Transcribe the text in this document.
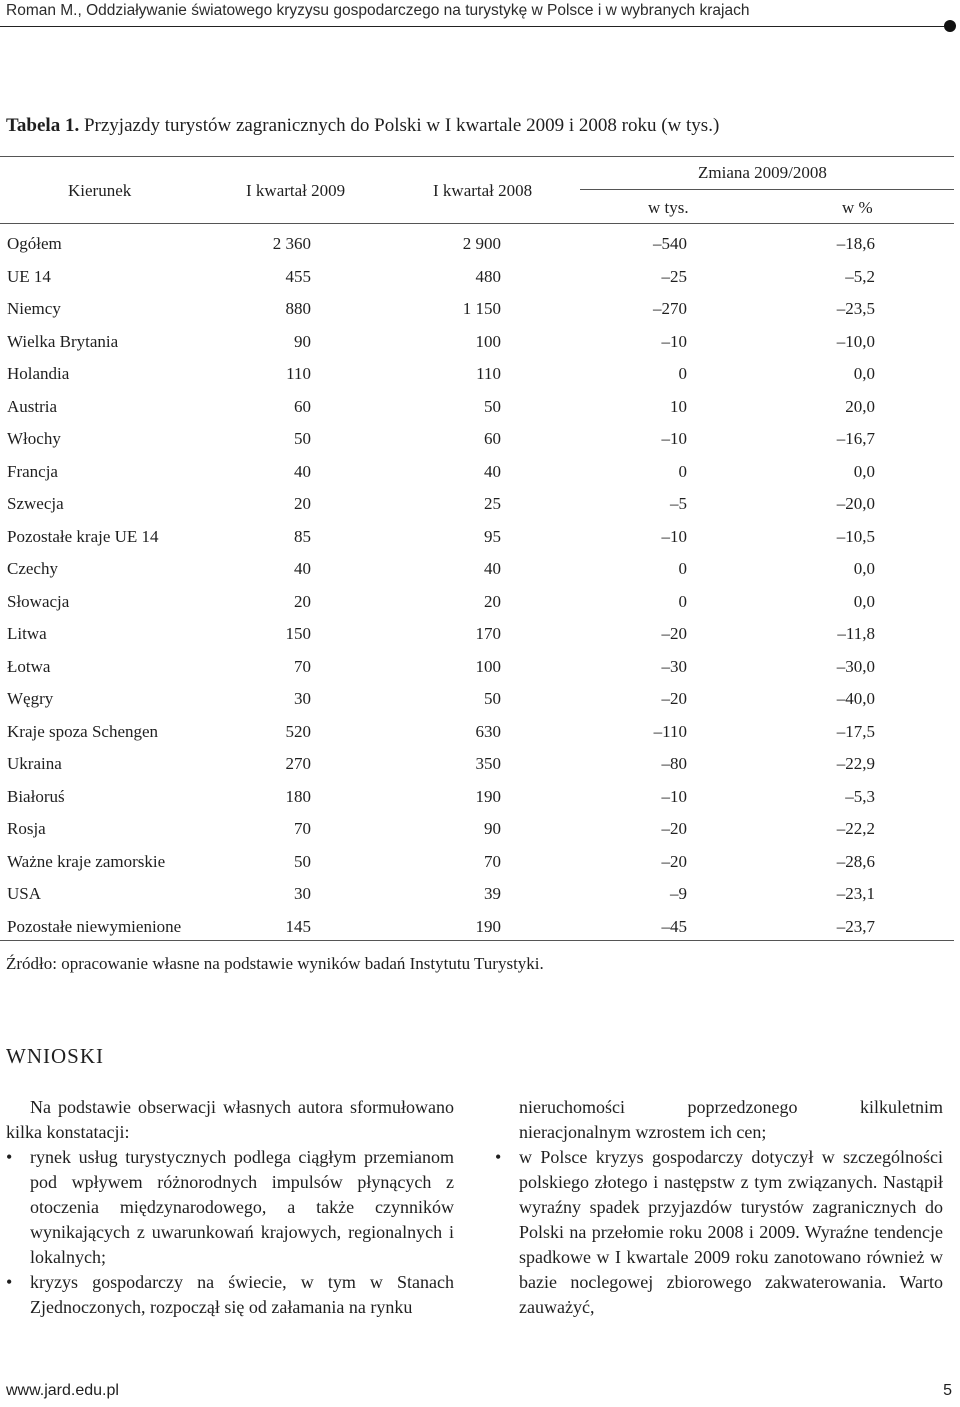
Roman M., Oddziaływanie światowego kryzysu gospodarczego na turystykę w Polsce i w wybranych krajach
Tabela 1. Przyjazdy turystów zagranicznych do Polski w I kwartale 2009 i 2008 roku (w tys.)
Kierunek	I kwartał 2009	I kwartał 2008
Zmiana 2009/2008
w tys.	w %
Ogółem	2 360	2 900	–540	–18,6
UE 14	455	480	–25	–5,2
Niemcy	880	1 150	–270	–23,5
Wielka Brytania	90	100	–10	–10,0
Holandia	110	110	0	0,0
Austria	60	50	10	20,0
Włochy	50	60	–10	–16,7
Francja	40	40	0	0,0
Szwecja	20	25	–5	–20,0
Pozostałe kraje UE 14	85	95	–10	–10,5
Czechy	40	40	0	0,0
Słowacja	20	20	0	0,0
Litwa	150	170	–20	–11,8
Łotwa	70	100	–30	–30,0
Węgry	30	50	–20	–40,0
Kraje spoza Schengen	520	630	–110	–17,5
Ukraina	270	350	–80	–22,9
Białoruś	180	190	–10	–5,3
Rosja	70	90	–20	–22,2
Ważne kraje zamorskie	50	70	–20	–28,6
USA	30	39	–9	–23,1
Pozostałe niewymienione	145	190	–45	–23,7
Źródło: opracowanie własne na podstawie wyników badań Instytutu Turystyki.
WNIOSKI

Na podstawie obserwacji własnych autora sformułowano kilka konstatacji:

• rynek usług turystycznych podlega ciągłym przemianom pod wpływem różnorodnych impulsów płynących z otoczenia międzynarodowego, a także czynników wynikających z uwarunkowań krajowych, regionalnych i lokalnych;
• kryzys gospodarczy na świecie, w tym w Stanach Zjednoczonych, rozpoczął się od załamania na rynku
nieruchomości poprzedzonego kilkuletnim nieracjonalnym wzrostem ich cen;
• w Polsce kryzys gospodarczy dotyczył w szczególności polskiego złotego i następstw z tym związanych. Nastąpił wyraźny spadek przyjazdów turystów zagranicznych do Polski na przełomie roku 2008 i 2009. Wyraźne tendencje spadkowe w I kwartale 2009 roku zanotowano również w bazie noclegowej zbiorowego zakwaterowania. Warto zauważyć,
www.jard.edu.pl	5
